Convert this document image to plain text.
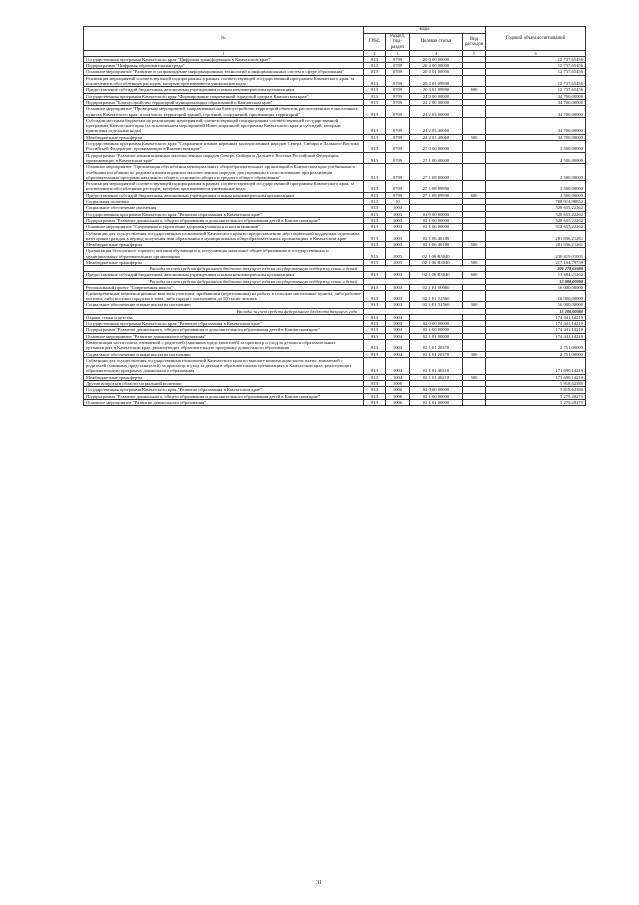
№	коды				Годовой объем ассигнований	
	ГРБС	Раздел, под-раздел	Целевая статья	Вид расходов		
1	2	3	4	5	6	
Государственная программа Камчатского края "Цифровая трансформация в Камчатском крае"	813	0709	20 0 00 00000		12 737,65456	
Подпрограмма "Цифровая образовательная среда"	813	0709	20 4 00 00000		12 737,65456	
Основное мероприятие "Развитие и сопровождение информационных технологий и информационных систем в сфере образования"	813	0709	20 4 01 00000		12 737,65456	
Реализация мероприятий соответствующей подпрограммы в рамках соответствующей государственной программы Камчатского края, за исключением обособленных расходов, которым присваиваются уникальные коды	813	0709	20 4 01 09990		12 737,65456	
Предоставление субсидий бюджетным, автономным учреждениям и иным некоммерческим организациям	813	0709	20 4 01 09990	600	12 737,65456	
Государственная программа Камчатского края "Формирование современной городской среды в Камчатском крае"	813	0709	24 0 00 00000		34 700,00000	
Подпрограмма "Благоустройство территорий муниципальных образований в Камчатском крае"	813	0709	24 2 00 00000		34 700,00000	
Основное мероприятие "Проведение мероприятий, направленных на благоустройство территорий объектов, расположенных в населенных пунктах Камчатского края, в том числе территорий зданий, строений, сооружений, прилежащих территорий"	813	0709	24 2 03 00000		34 700,00000	
Субсидии местным бюджетам на реализацию мероприятий соответствующей подпрограммы соответствующей государственной программы Камчатского края (за исключением мероприятий Инвестиционной программы Камчатского края и субсидий, которым присвоены отдельные коды)	813	0709	24 2 03 40060		34 700,00000	
Межбюджетные трансферты	813	0709	24 2 03 40060	500	34 700,00000	
Государственная программа Камчатского края "Сохранение языков коренных малочисленных народов Севера, Сибири и Дальнего Востока Российской Федерации, проживающих в Камчатском крае"	813	0709	27 0 00 00000		2 500,00000	
Подпрограмма "Развитие языков коренных малочисленных народов Севера, Сибири и Дальнего Востока Российской Федерации, проживающих в Камчатском крае"	813	0709	27 1 00 00000		2 500,00000	
Основное мероприятие "Организация обеспечения муниципальных общеобразовательных организаций в Камчатском крае учебниками и учебными пособиями по родным языкам коренных малочисленных народов, допущенными к использованию при реализации образовательных программ начального общего, основного общего и среднего общего образования"	813	0709	27 1 08 00000		2 500,00000	
Реализация мероприятий соответствующей подпрограммы в рамках соответствующей государственной программы Камчатского края, за исключением обособленных расходов, которым присваиваются уникальные коды	813	0709	27 1 08 09990		2 500,00000	
Предоставление субсидий бюджетным, автономным учреждениям и иным некоммерческим организациям	813	0709	27 1 08 09990	600	2 500,00000	
Социальная политика	813	10			708 914,98852	
Социальное обеспечение населения	813	1003			528 655,22262	
Государственная программа Камчатского края "Развитие образования в Камчатском крае"	813	1003	02 0 00 00000		528 655,22262	
Подпрограмма "Развитие дошкольного, общего образования и дополнительного образования детей в Камчатском крае"	813	1003	02 1 00 00000		528 655,22262	
Основное мероприятие "Сохранение и укрепление здоровья учащихся и воспитанников"	813	1003	02 1 06 00000		512 655,22262	
Субвенции для осуществления государственных полномочий Камчатского края по предоставлению мер социальной поддержки отдельным категориям граждан в период получения ими образования в муниципальных общеобразовательных организациях в Камчатском крае	813	1003	02 1 06 40180		281 836,21261	
Межбюджетные трансферты	813	1003	02 1 06 40180	500	281 836,21261	
Организация бесплатного горячего питания обучающихся, получающих начальное общее образование в государственных и муниципальных образовательных организациях	813	1003	02 1 06 R3040		230 819,01001	
Межбюджетные трансферты	813	1003	02 1 06 R3040	500	217 134,79739	
Расходы за счет средств федерального бюджета текущего года на государственную поддержку семьи и детей					206 278,02600	
Предоставление субсидий бюджетным, автономным учреждениям и иным некоммерческим организациям	813	1003	02 1 06 R3040	600	13 684,21262	
Расходы за счет средств федерального бюджета текущего года на государственную поддержку семьи и детей					13 000,00000	
Региональный проект "Современная школа"	813	1003	02 1 E1 00000		16 000,00000	
Единовременные компенсационные выплаты учителям, прибывшим (переехавшим) на работу в сельские населенные пункты, либо рабочие поселки, либо поселки городского типа, либо города с населением до 50 тысяч человек	813	1003	02 1 E1 52560		16 000,00000	
Социальное обеспечение и иные выплаты населению	813	1003	02 1 E1 52560	300	16 000,00000	
Расходы за счет средств федерального бюджета текущего года					15 200,00000	
Охрана семьи и детства	813	1004			174 441,14210	
Государственная программа Камчатского края "Развитие образования в Камчатском крае"	813	1004	02 0 00 00000		174 441,14210	
Подпрограмма "Развитие дошкольного, общего образования и дополнительного образования детей в Камчатском крае"	813	1004	02 1 00 00000		174 441,14210	
Основное мероприятие "Развитие дошкольного образования"	813	1004	02 1 01 00000		174 441,14210	
Компенсация части платы, взимаемой с родителей (законных представителей) за присмотр и уход за детьми в образовательных организациях в Камчатском крае, реализующих образовательную программу дошкольного образования	813	1004	02 1 01 20370		2 751,00000	
Социальное обеспечение и иные выплаты населению	813	1004	02 1 01 20370	300	2 751,00000	
Субвенции для осуществления государственных полномочий Камчатского края по выплате компенсации части платы, взимаемой с родителей (законных представителей) за присмотр и уход за детьми в образовательных организациях в Камчатском крае, реализующих образовательную программу дошкольного образования	813	1004	02 1 01 40210		171 690,14210	
Межбюджетные трансферты	813	1004	02 1 01 40210	500	171 690,14210	
Другие вопросы в области социальной политики	813	1006			5 818,62380	
Государственная программа Камчатского края "Развитие образования в Камчатском крае"	813	1006	02 0 00 00000		5 818,62380	
Подпрограмма "Развитие дошкольного, общего образования и дополнительного образования детей в Камчатском крае"	813	1006	02 1 00 00000		5 279,28275	
Основное мероприятие "Развитие дошкольного образования"	813	1006	02 1 01 00000		5 279,28275	
31
